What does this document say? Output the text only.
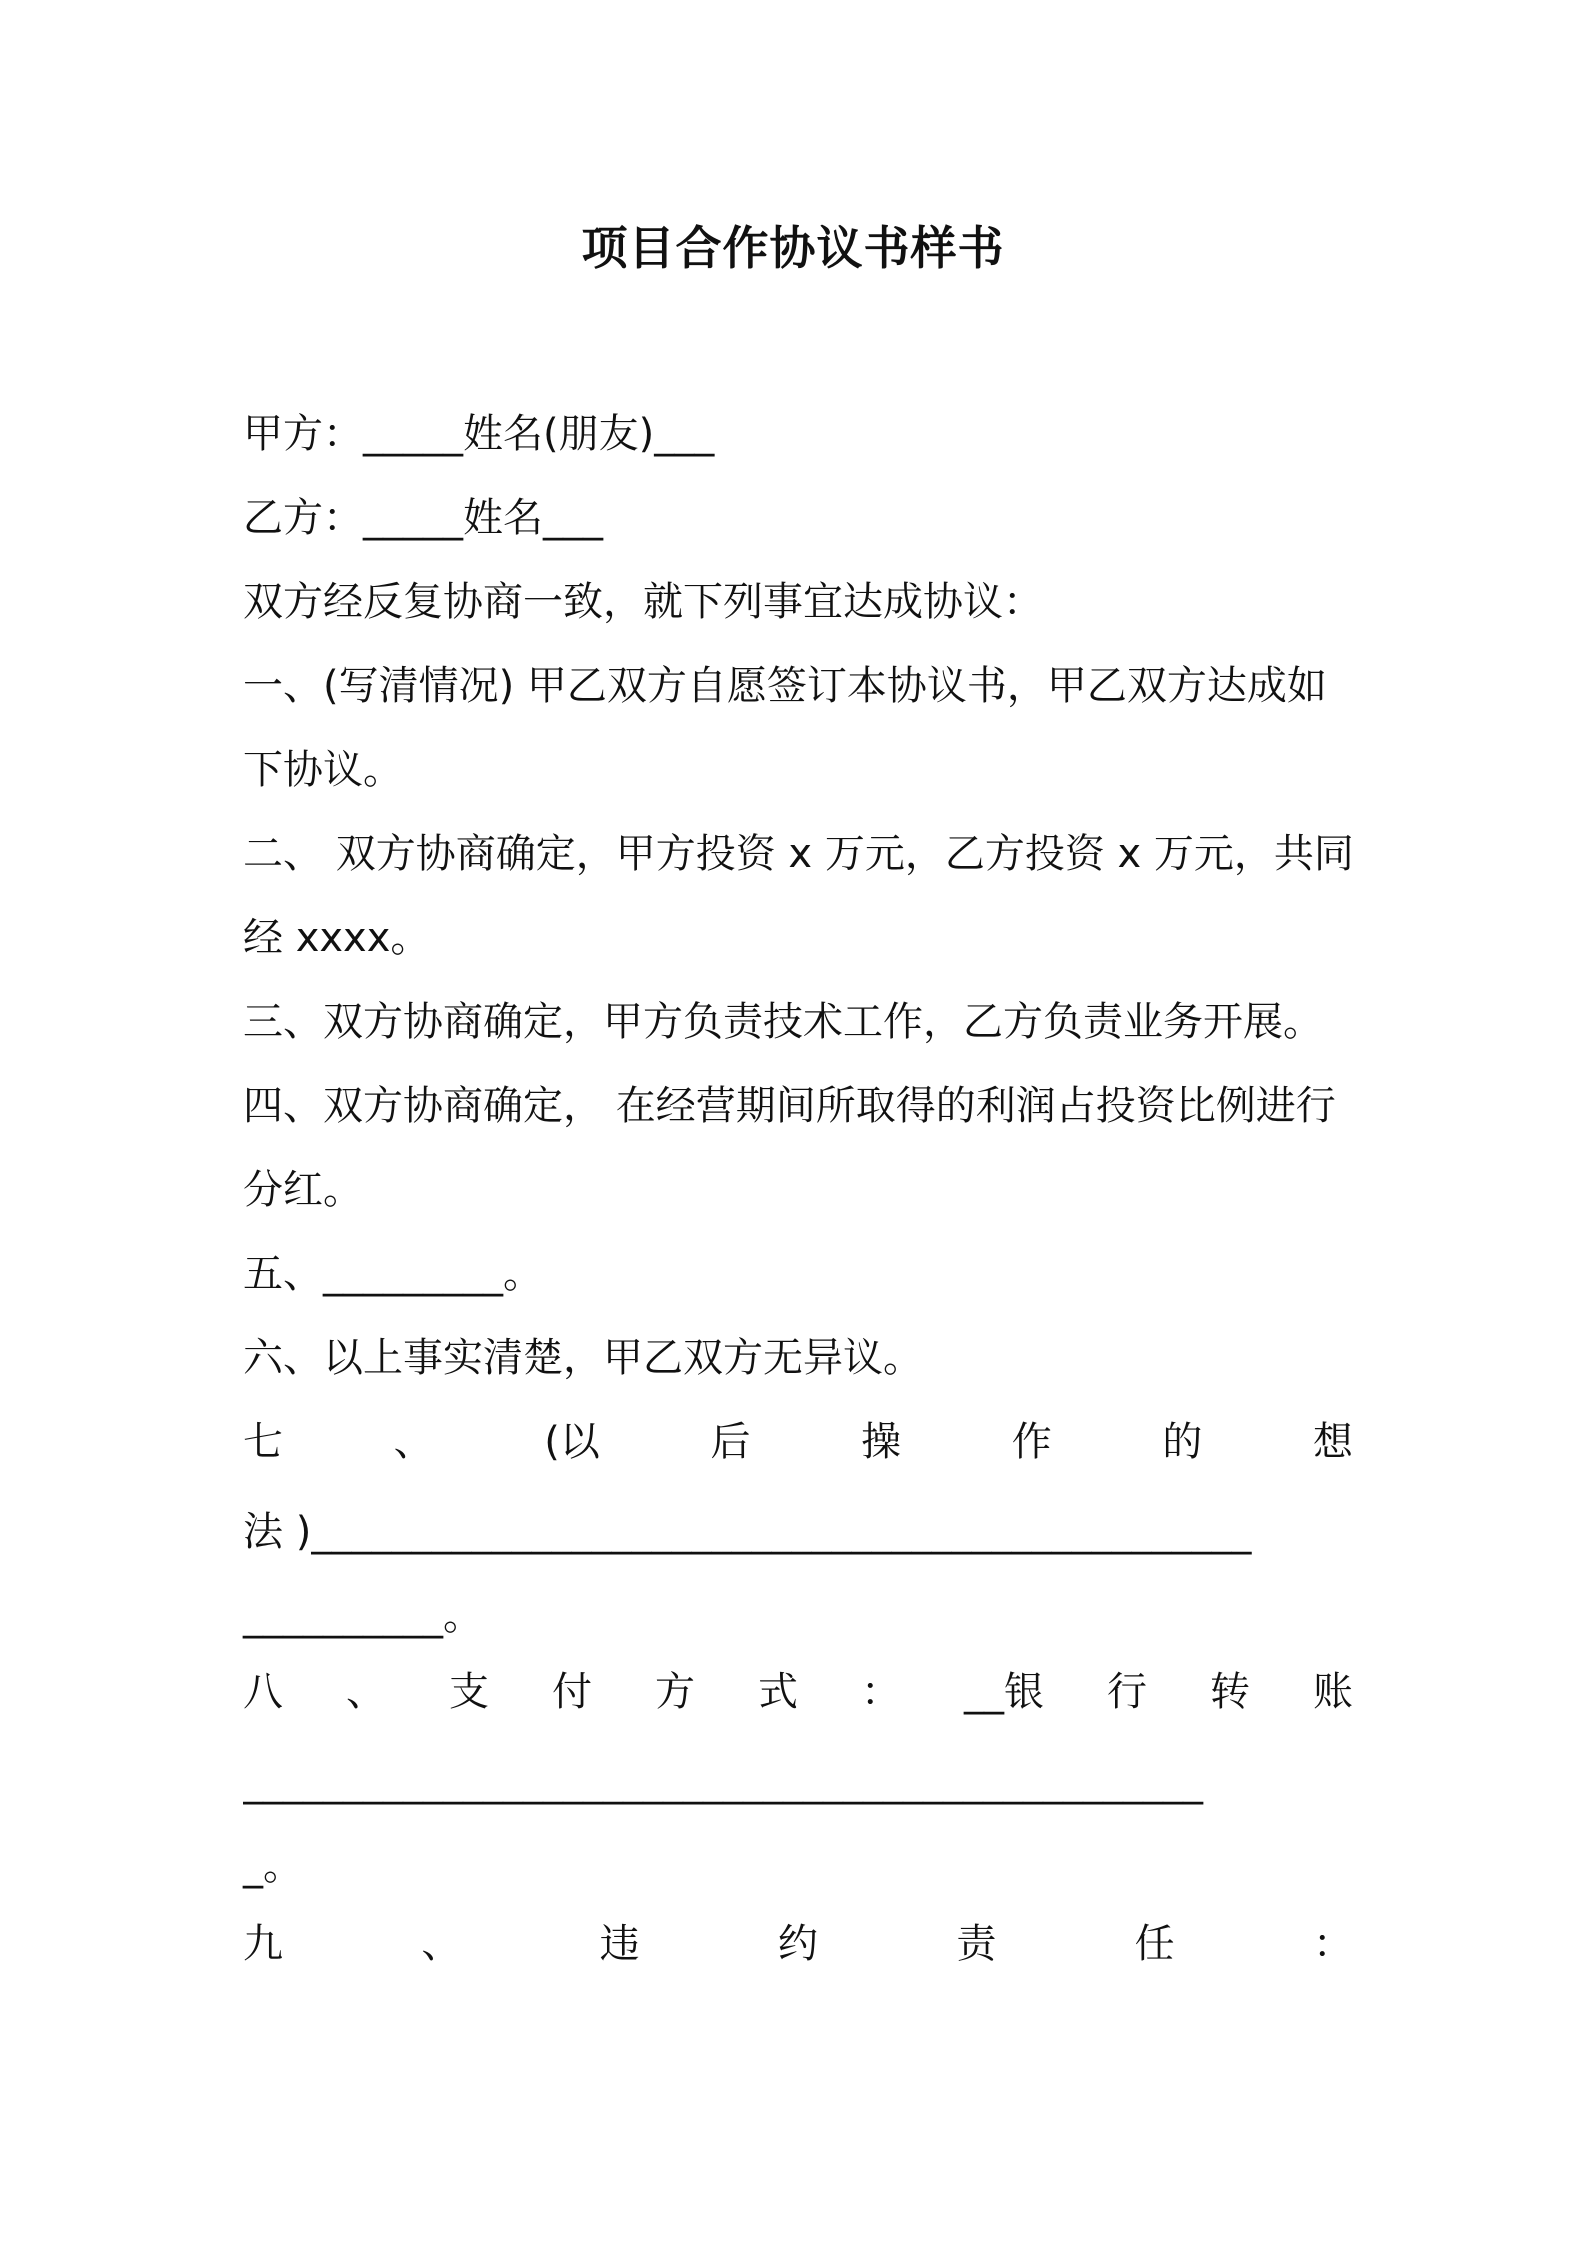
项目合作协议书样书
甲方：_____姓名(朋友)___
乙方：_____姓名___
双方经反复协商一致，就下列事宜达成协议：
一、(写清情况) 甲乙双方自愿签订本协议书，甲乙双方达成如
下协议。
二、 双方协商确定，甲方投资 x 万元，乙方投资 x 万元，共同
经 xxxx。
三、双方协商确定，甲方负责技术工作，乙方负责业务开展。
四、双方协商确定， 在经营期间所取得的利润占投资比例进行
分红。
五、_________。
六、以上事实清楚，甲乙双方无异议。
七	、	(以	后	操	作	的	想
法 )_______________________________________________
__________。
八 、 支 付 方 式 ： __银 行 转 账
________________________________________________
_。
九	、	违	约	责	任	：
